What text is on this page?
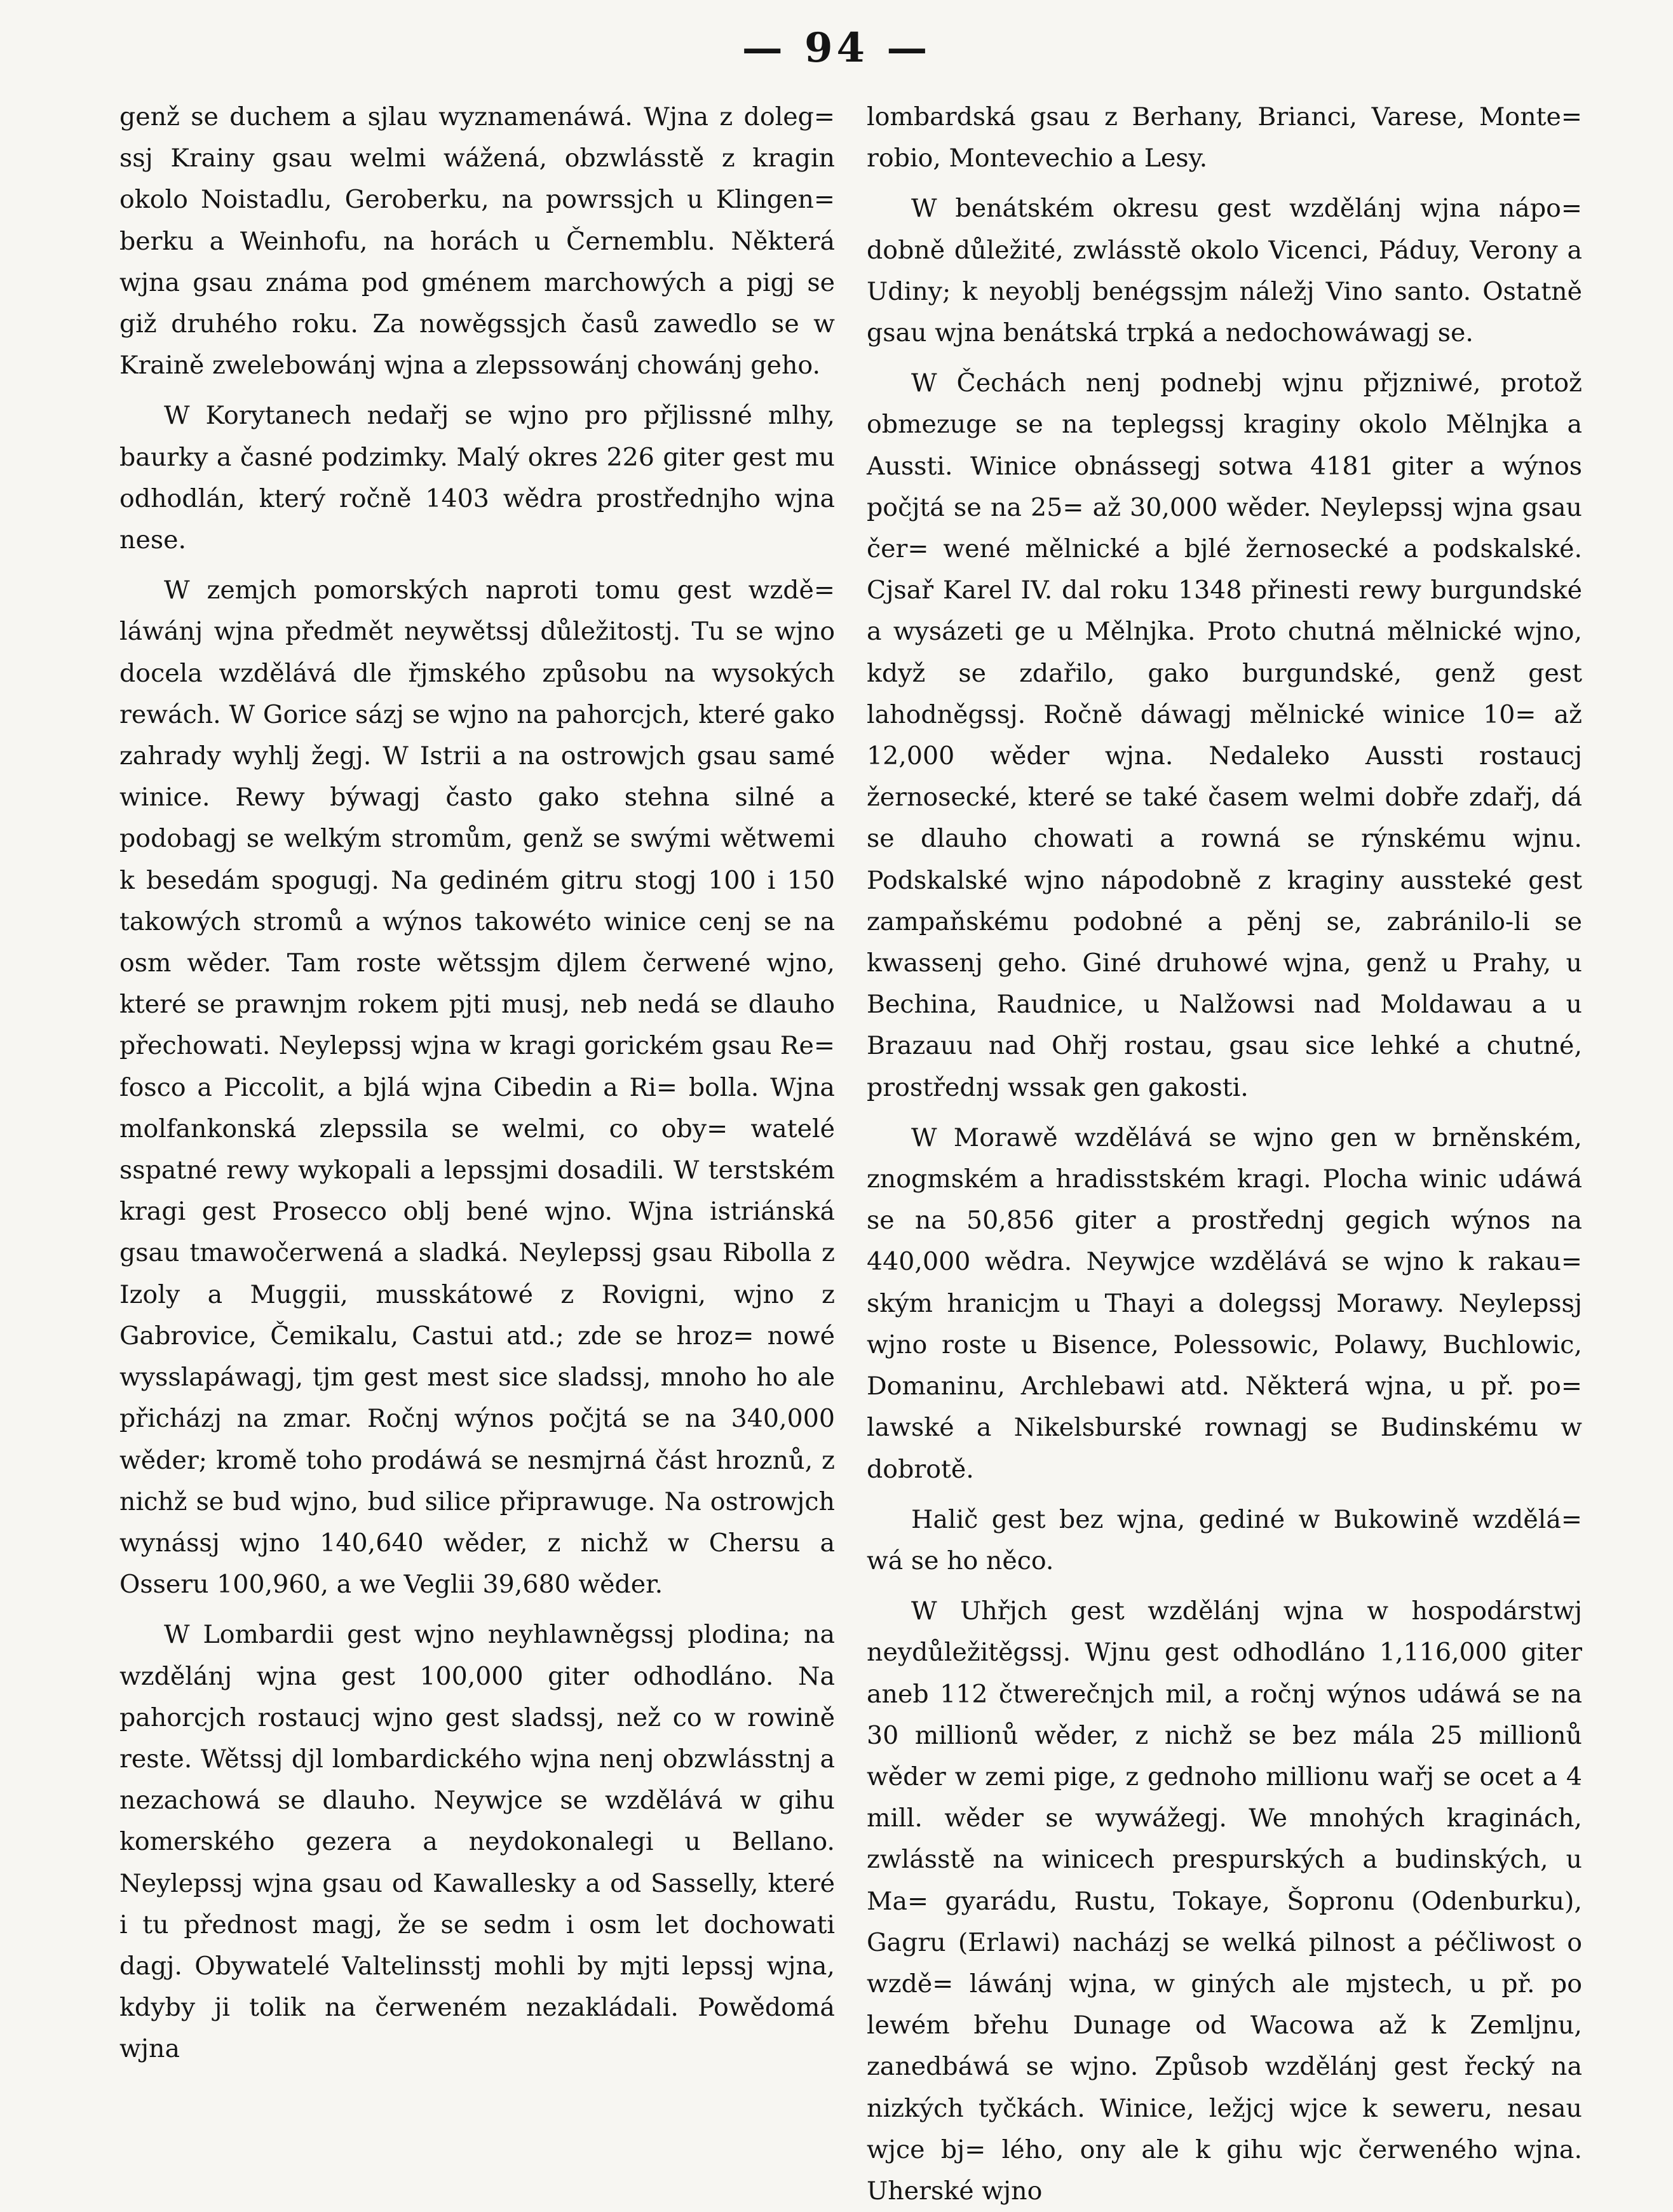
— 94 —

genž se duchem a sjlau wyznamenáwá. Wjna z doleg= ssj Krainy gsau welmi wážená, obzwlásstě z kragin okolo Noistadlu, Geroberku, na powrssjch u Klingen= berku a Weinhofu, na horách u Černemblu. Některá wjna gsau známa pod gménem marchowých a pigj se giž druhého roku. Za nowěgssjch časů zawedlo se w Kraině zwelebowánj wjna a zlepssowánj chowánj geho.

W Korytanech nedařj se wjno pro přjlissné mlhy, baurky a časné podzimky. Malý okres 226 giter gest mu odhodlán, který ročně 1403 wědra prostřednjho wjna nese.

W zemjch pomorských naproti tomu gest wzdě= láwánj wjna předmět neywětssj důležitostj. Tu se wjno docela wzdělává dle řjmského způsobu na wysokých rewách. W Gorice sázj se wjno na pahorcjch, které gako zahrady wyhlj žegj. W Istrii a na ostrowjch gsau samé winice. Rewy býwagj často gako stehna silné a podobagj se welkým stromům, genž se swými wětwemi k besedám spogugj. Na gediném gitru stogj 100 i 150 takowých stromů a wýnos takowéto winice cenj se na osm wěder. Tam roste wětssjm djlem čerwené wjno, které se prawnjm rokem pjti musj, neb nedá se dlauho přechowati. Neylepssj wjna w kragi gorickém gsau Re= fosco a Piccolit, a bjlá wjna Cibedin a Ri= bolla. Wjna molfankonská zlepssila se welmi, co oby= watelé sspatné rewy wykopali a lepssjmi dosadili. W terstském kragi gest Prosecco oblj bené wjno. Wjna istriánská gsau tmawočerwená a sladká. Neylepssj gsau Ribolla z Izoly a Muggii, musskátowé z Rovigni, wjno z Gabrovice, Čemikalu, Castui atd.; zde se hroz= nowé wysslapáwagj, tjm gest mest sice sladssj, mnoho ho ale přicházj na zmar. Ročnj wýnos počjtá se na 340,000 wěder; kromě toho prodáwá se nesmjrná část hroznů, z nichž se bud wjno, bud silice připrawuge. Na ostrowjch wynássj wjno 140,640 wěder, z nichž w Chersu a Osseru 100,960, a we Veglii 39,680 wěder.

W Lombardii gest wjno neyhlawněgssj plodina; na wzdělánj wjna gest 100,000 giter odhodláno. Na pahorcjch rostaucj wjno gest sladssj, než co w rowině reste. Wětssj djl lombardického wjna nenj obzwlásstnj a nezachowá se dlauho. Neywjce se wzdělává w gihu komerského gezera a neydokonalegi u Bellano. Neylepssj wjna gsau od Kawallesky a od Sasselly, které i tu přednost magj, že se sedm i osm let dochowati dagj. Obywatelé Valtelinsstj mohli by mjti lepssj wjna, kdyby ji tolik na čerweném nezakládali. Powědomá wjna

lombardská gsau z Berhany, Brianci, Varese, Monte= robio, Montevechio a Lesy.

W benátském okresu gest wzdělánj wjna nápo= dobně důležité, zwlásstě okolo Vicenci, Páduy, Verony a Udiny; k neyoblj benégssjm náležj Vino santo. Ostatně gsau wjna benátská trpká a nedochowáwagj se.

W Čechách nenj podnebj wjnu přjzniwé, protož obmezuge se na teplegssj kraginy okolo Mělnjka a Aussti. Winice obnássegj sotwa 4181 giter a wýnos počjtá se na 25= až 30,000 wěder. Neylepssj wjna gsau čer= wené mělnické a bjlé žernosecké a podskalské. Cjsař Karel IV. dal roku 1348 přinesti rewy burgundské a wysázeti ge u Mělnjka. Proto chutná mělnické wjno, když se zdařilo, gako burgundské, genž gest lahodněgssj. Ročně dáwagj mělnické winice 10= až 12,000 wěder wjna. Nedaleko Aussti rostaucj žernosecké, které se také časem welmi dobře zdařj, dá se dlauho chowati a rowná se rýnskému wjnu. Podskalské wjno nápodobně z kraginy aussteké gest zampaňskému podobné a pěnj se, zabránilo-li se kwassenj geho. Giné druhowé wjna, genž u Prahy, u Bechina, Raudnice, u Nalžowsi nad Moldawau a u Brazauu nad Ohřj rostau, gsau sice lehké a chutné, prostřednj wssak gen gakosti.

W Morawě wzdělává se wjno gen w brněnském, znogmském a hradisstském kragi. Plocha winic udáwá se na 50,856 giter a prostřednj gegich wýnos na 440,000 wědra. Neywjce wzdělává se wjno k rakau= ským hranicjm u Thayi a dolegssj Morawy. Neylepssj wjno roste u Bisence, Polessowic, Polawy, Buchlowic, Domaninu, Archlebawi atd. Některá wjna, u př. po= lawské a Nikelsburské rownagj se Budinskému w dobrotě.

Halič gest bez wjna, gediné w Bukowině wzdělá= wá se ho něco.

W Uhřjch gest wzdělánj wjna w hospodárstwj neydůležitěgssj. Wjnu gest odhodláno 1,116,000 giter aneb 112 čtwerečnjch mil, a ročnj wýnos udáwá se na 30 millionů wěder, z nichž se bez mála 25 millionů wěder w zemi pige, z gednoho millionu wařj se ocet a 4 mill. wěder se wywážegj. We mnohých kraginách, zwlásstě na winicech prespurských a budinských, u Ma= gyarádu, Rustu, Tokaye, Šopronu (Odenburku), Gagru (Erlawi) nacházj se welká pilnost a péčliwost o wzdě= láwánj wjna, w giných ale mjstech, u př. po lewém břehu Dunage od Wacowa až k Zemljnu, zanedbáwá se wjno. Způsob wzdělánj gest řecký na nizkých tyčkách. Winice, ležjcj wjce k seweru, nesau wjce bj= lého, ony ale k gihu wjc čerweného wjna. Uherské wjno
